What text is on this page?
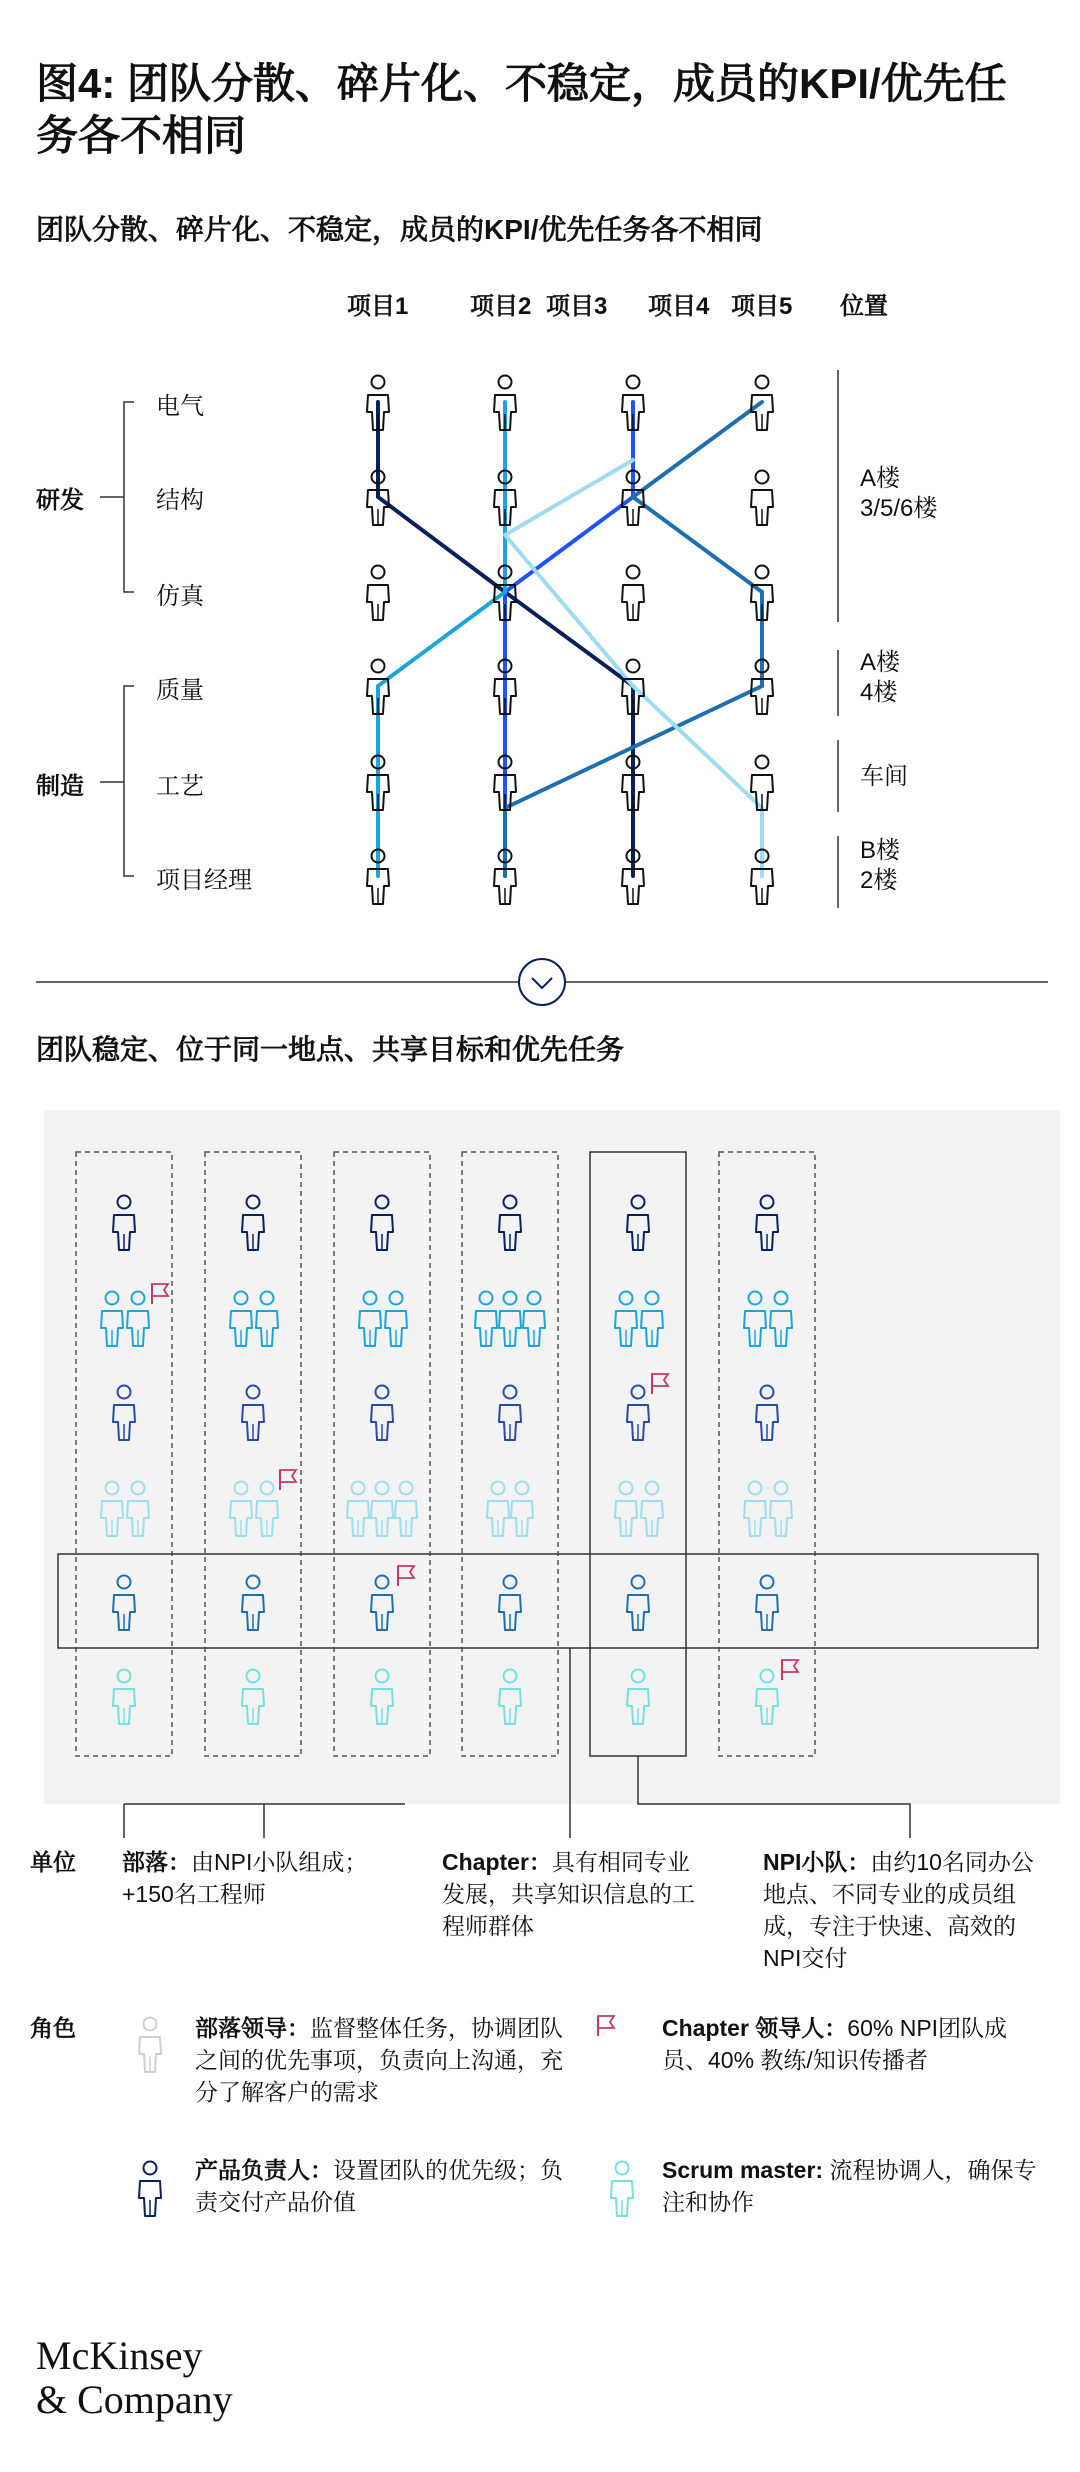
图4: 团队分散、碎片化、不稳定，成员的KPI/优先任务各不相同
团队分散、碎片化、不稳定，成员的KPI/优先任务各不相同
项目1	项目2 项目3 项目4 项目5 位置
研发
制造
电气
结构
仿真
质量
工艺
项目经理
A楼
3/5/6楼
A楼
4楼
车间
B楼
2楼
团队稳定、位于同一地点、共享目标和优先任务
单位 部落：由NPI小队组成；+150名工程师
Chapter：具有相同专业发展，共享知识信息的工程师群体
NPI小队：由约10名同办公地点、不同专业的成员组成，专注于快速、高效的NPI交付
角色	部落领导：监督整体任务，协调团队之间的优先事项，负责向上沟通，充分了解客户的需求
Chapter 领导人：60% NPI团队成员、40% 教练/知识传播者
产品负责人：设置团队的优先级；负责交付产品价值
Scrum master: 流程协调人，确保专注和协作
McKinsey
& Company
